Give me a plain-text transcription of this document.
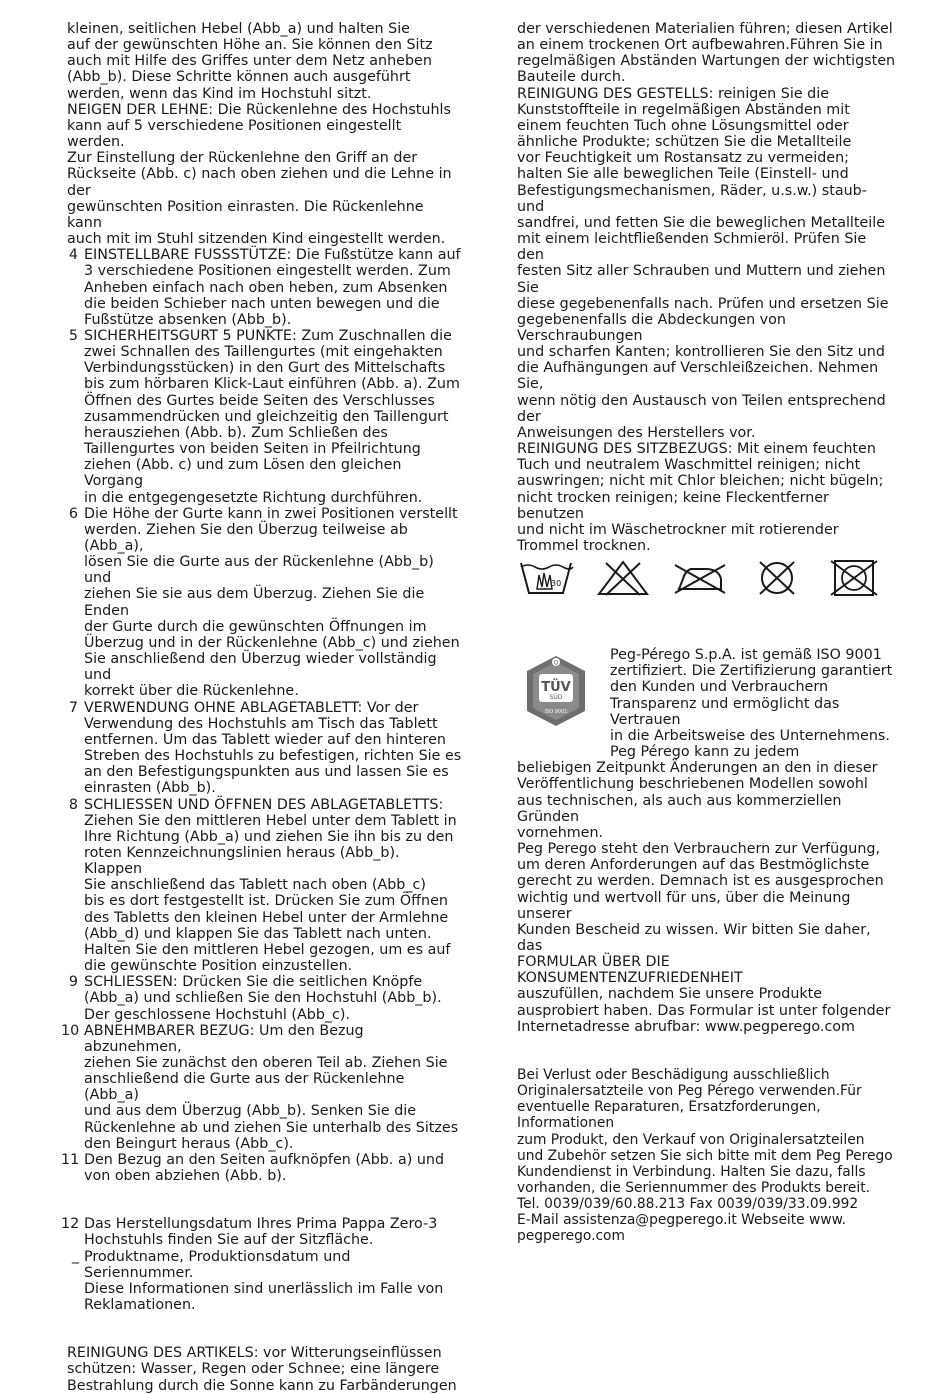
kleinen, seitlichen Hebel (Abb_a) und halten Sie
auf der gewünschten Höhe an. Sie können den Sitz
auch mit Hilfe des Griffes unter dem Netz anheben
(Abb_b). Diese Schritte können auch ausgeführt
werden, wenn das Kind im Hochstuhl sitzt.
NEIGEN DER LEHNE: Die Rückenlehne des Hochstuhls
kann auf 5 verschiedene Positionen eingestellt werden.
Zur Einstellung der Rückenlehne den Griff an der
Rückseite (Abb. c) nach oben ziehen und die Lehne in der
gewünschten Position einrasten. Die Rückenlehne kann
auch mit im Stuhl sitzenden Kind eingestellt werden.

4 EINSTELLBARE FUSSSTÜTZE: Die Fußstütze kann auf
3 verschiedene Positionen eingestellt werden. Zum
Anheben einfach nach oben heben, zum Absenken
die beiden Schieber nach unten bewegen und die
Fußstütze absenken (Abb_b).
5 SICHERHEITSGURT 5 PUNKTE: Zum Zuschnallen die
zwei Schnallen des Taillengurtes (mit eingehakten
Verbindungsstücken) in den Gurt des Mittelschafts
bis zum hörbaren Klick-Laut einführen (Abb. a). Zum
Öffnen des Gurtes beide Seiten des Verschlusses
zusammendrücken und gleichzeitig den Taillengurt
herausziehen (Abb. b). Zum Schließen des
Taillengurtes von beiden Seiten in Pfeilrichtung
ziehen (Abb. c) und zum Lösen den gleichen Vorgang
in die entgegengesetzte Richtung durchführen.
6 Die Höhe der Gurte kann in zwei Positionen verstellt
werden. Ziehen Sie den Überzug teilweise ab (Abb_a),
lösen Sie die Gurte aus der Rückenlehne (Abb_b) und
ziehen Sie sie aus dem Überzug. Ziehen Sie die Enden
der Gurte durch die gewünschten Öffnungen im
Überzug und in der Rückenlehne (Abb_c) und ziehen
Sie anschließend den Überzug wieder vollständig und
korrekt über die Rückenlehne.
7 VERWENDUNG OHNE ABLAGETABLETT: Vor der
Verwendung des Hochstuhls am Tisch das Tablett
entfernen. Um das Tablett wieder auf den hinteren
Streben des Hochstuhls zu befestigen, richten Sie es
an den Befestigungspunkten aus und lassen Sie es
einrasten (Abb_b).
8 SCHLIESSEN UND ÖFFNEN DES ABLAGETABLETTS:
Ziehen Sie den mittleren Hebel unter dem Tablett in
Ihre Richtung (Abb_a) und ziehen Sie ihn bis zu den
roten Kennzeichnungslinien heraus (Abb_b). Klappen
Sie anschließend das Tablett nach oben (Abb_c)
bis es dort festgestellt ist. Drücken Sie zum Öffnen
des Tabletts den kleinen Hebel unter der Armlehne
(Abb_d) und klappen Sie das Tablett nach unten.
Halten Sie den mittleren Hebel gezogen, um es auf
die gewünschte Position einzustellen.
9 SCHLIESSEN: Drücken Sie die seitlichen Knöpfe
(Abb_a) und schließen Sie den Hochstuhl (Abb_b).
Der geschlossene Hochstuhl (Abb_c).
10 ABNEHMBARER BEZUG: Um den Bezug abzunehmen,
ziehen Sie zunächst den oberen Teil ab. Ziehen Sie
anschließend die Gurte aus der Rückenlehne (Abb_a)
und aus dem Überzug (Abb_b). Senken Sie die
Rückenlehne ab und ziehen Sie unterhalb des Sitzes
den Beingurt heraus (Abb_c).
11 Den Bezug an den Seiten aufknöpfen (Abb. a) und
von oben abziehen (Abb. b).
12
_
Das Herstellungsdatum Ihres Prima Pappa Zero-3
Hochstuhls finden Sie auf der Sitzfläche.
Produktname, Produktionsdatum und Seriennummer.
Diese Informationen sind unerlässlich im Falle von
Reklamationen.

REINIGUNG DES ARTIKELS: vor Witterungseinflüssen
schützen: Wasser, Regen oder Schnee; eine längere
Bestrahlung durch die Sonne kann zu Farbänderungen

der verschiedenen Materialien führen; diesen Artikel
an einem trockenen Ort aufbewahren.Führen Sie in
regelmäßigen Abständen Wartungen der wichtigsten
Bauteile durch.
REINIGUNG DES GESTELLS: reinigen Sie die
Kunststoffteile in regelmäßigen Abständen mit
einem feuchten Tuch ohne Lösungsmittel oder
ähnliche Produkte; schützen Sie die Metallteile
vor Feuchtigkeit um Rostansatz zu vermeiden;
halten Sie alle beweglichen Teile (Einstell- und
Befestigungsmechanismen, Räder, u.s.w.) staub- und
sandfrei, und fetten Sie die beweglichen Metallteile
mit einem leichtfließenden Schmieröl. Prüfen Sie den
festen Sitz aller Schrauben und Muttern und ziehen Sie
diese gegebenenfalls nach. Prüfen und ersetzen Sie
gegebenenfalls die Abdeckungen von Verschraubungen
und scharfen Kanten; kontrollieren Sie den Sitz und
die Aufhängungen auf Verschleißzeichen. Nehmen Sie,
wenn nötig den Austausch von Teilen entsprechend der
Anweisungen des Herstellers vor.
REINIGUNG DES SITZBEZUGS: Mit einem feuchten
Tuch und neutralem Waschmittel reinigen; nicht
auswringen; nicht mit Chlor bleichen; nicht bügeln;
nicht trocken reinigen; keine Fleckentferner benutzen
und nicht im Wäschetrockner mit rotierender
Trommel trocknen.

30
Q
TÜV
SÜD
ISO 9001
Peg-Pérego S.p.A. ist gemäß ISO 9001
zertifiziert. Die Zertifizierung garantiert
den Kunden und Verbrauchern
Transparenz und ermöglicht das Vertrauen
in die Arbeitsweise des Unternehmens.
Peg Pérego kann zu jedem
beliebigen Zeitpunkt Änderungen an den in dieser
Veröffentlichung beschriebenen Modellen sowohl
aus technischen, als auch aus kommerziellen Gründen
vornehmen.
Peg Perego steht den Verbrauchern zur Verfügung,
um deren Anforderungen auf das Bestmöglichste
gerecht zu werden. Demnach ist es ausgesprochen
wichtig und wertvoll für uns, über die Meinung unserer
Kunden Bescheid zu wissen. Wir bitten Sie daher, das
FORMULAR ÜBER DIE KONSUMENTENZUFRIEDENHEIT
auszufüllen, nachdem Sie unsere Produkte
ausprobiert haben. Das Formular ist unter folgender
Internetadresse abrufbar: www.pegperego.com
Bei Verlust oder Beschädigung ausschließlich
Originalersatzteile von Peg Pérego verwenden.Für
eventuelle Reparaturen, Ersatzforderungen, Informationen
zum Produkt, den Verkauf von Originalersatzteilen
und Zubehör setzen Sie sich bitte mit dem Peg Perego
Kundendienst in Verbindung. Halten Sie dazu, falls
vorhanden, die Seriennummer des Produkts bereit.
Tel. 0039/039/60.88.213 Fax 0039/039/33.09.992
E-Mail assistenza@pegperego.it Webseite www.
pegperego.com
